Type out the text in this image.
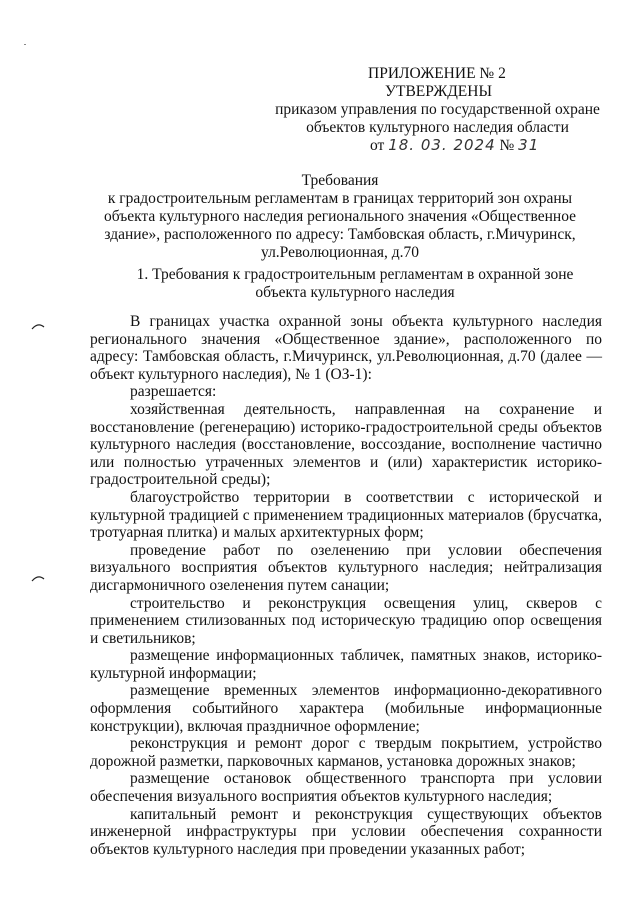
ПРИЛОЖЕНИЕ № 2
УТВЕРЖДЕНЫ
приказом управления по государственной охране
объектов культурного наследия области
от 18. 03. 2024 № 31
Требования
к градостроительным регламентам в границах территорий зон охраны
объекта культурного наследия регионального значения «Общественное
здание», расположенного по адресу: Тамбовская область, г.Мичуринск,
ул.Революционная, д.70
1. Требования к градостроительным регламентам в охранной зоне
объекта культурного наследия

В границах участка охранной зоны объекта культурного наследия регионального значения «Общественное здание», расположенного по адресу: Тамбовская область, г.Мичуринск, ул.Революционная, д.70 (далее — объект культурного наследия), № 1 (ОЗ-1):

разрешается:

хозяйственная деятельность, направленная на сохранение и восстановление (регенерацию) историко-градостроительной среды объектов культурного наследия (восстановление, воссоздание, восполнение частично или полностью утраченных элементов и (или) характеристик историко-градостроительной среды);

благоустройство территории в соответствии с исторической и культурной традицией с применением традиционных материалов (брусчатка, тротуарная плитка) и малых архитектурных форм;

проведение работ по озеленению при условии обеспечения визуального восприятия объектов культурного наследия; нейтрализация дисгармоничного озеленения путем санации;

строительство и реконструкция освещения улиц, скверов с применением стилизованных под историческую традицию опор освещения и светильников;

размещение информационных табличек, памятных знаков, историко-культурной информации;

размещение временных элементов информационно-декоративного оформления событийного характера (мобильные информационные конструкции), включая праздничное оформление;

реконструкция и ремонт дорог с твердым покрытием, устройство дорожной разметки, парковочных карманов, установка дорожных знаков;

размещение остановок общественного транспорта при условии обеспечения визуального восприятия объектов культурного наследия;

капитальный ремонт и реконструкция существующих объектов инженерной инфраструктуры при условии обеспечения сохранности объектов культурного наследия при проведении указанных работ;
